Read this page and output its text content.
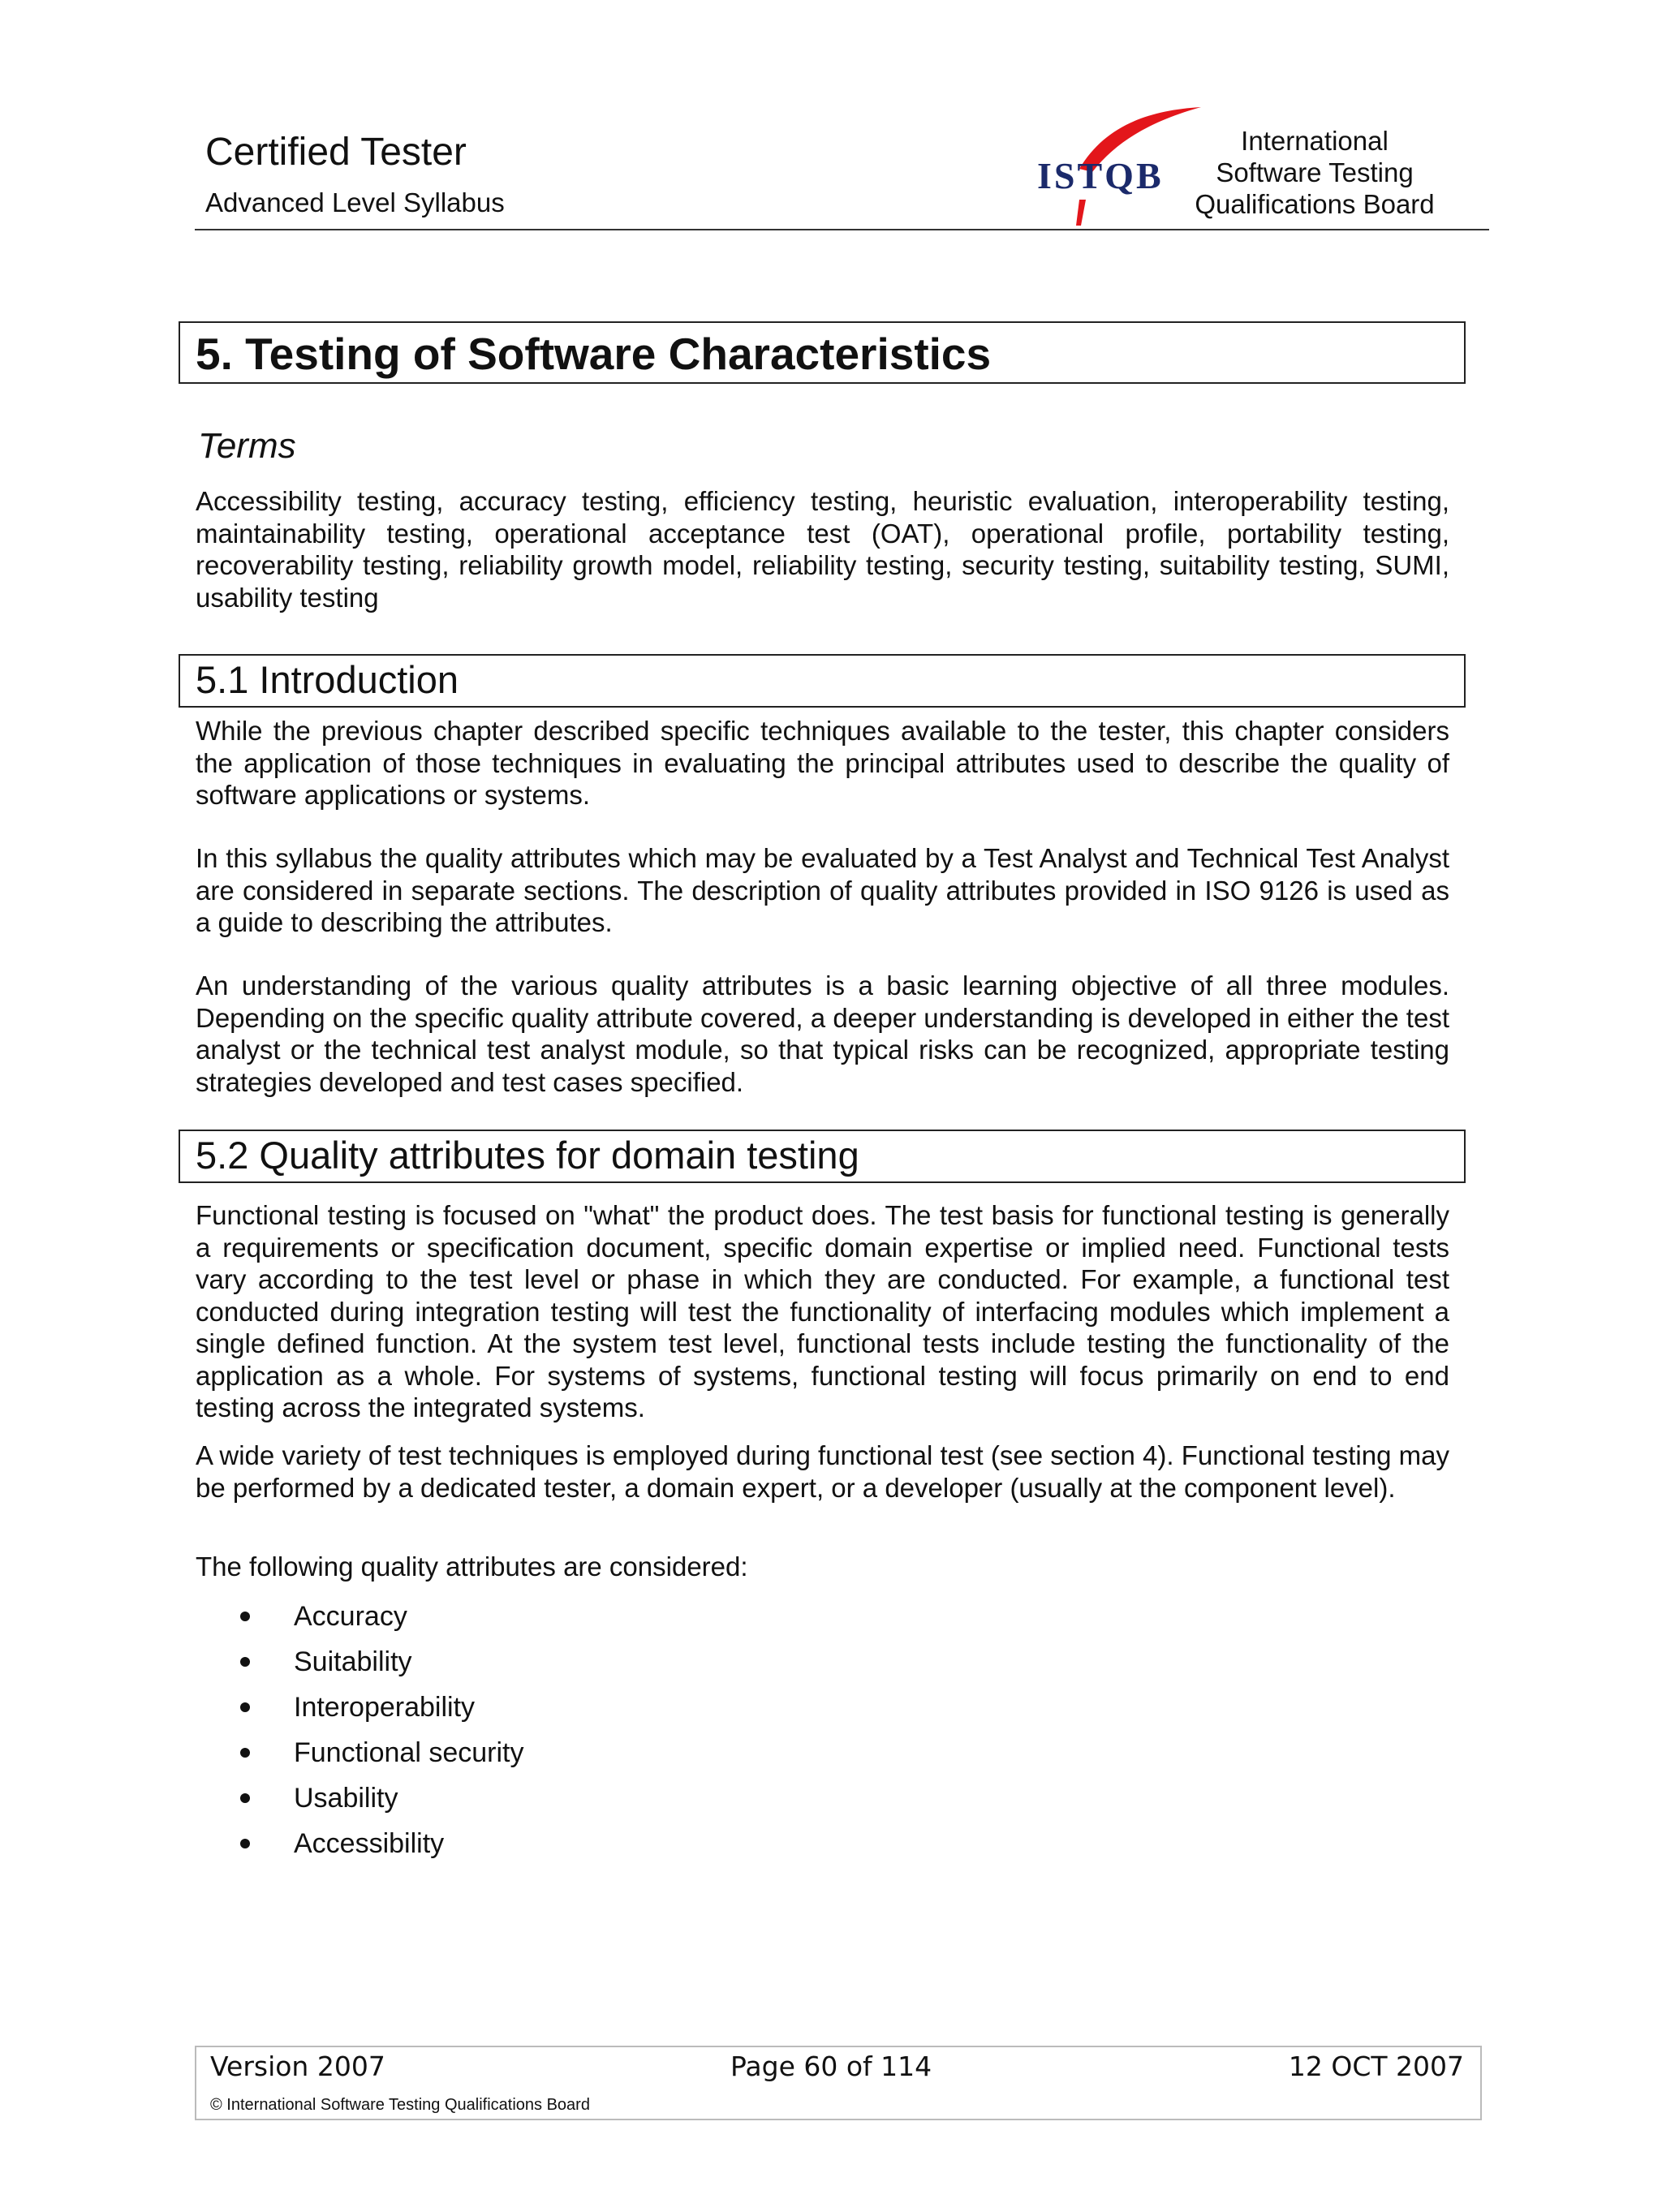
Certified Tester
Advanced Level Syllabus
ISTQB
International
Software Testing
Qualifications Board
5. Testing of Software Characteristics
Terms
Accessibility testing, accuracy testing, efficiency testing, heuristic evaluation, interoperability testing, maintainability testing, operational acceptance test (OAT), operational profile, portability testing, recoverability testing, reliability growth model, reliability testing, security testing, suitability testing, SUMI, usability testing
5.1 Introduction
While the previous chapter described specific techniques available to the tester, this chapter considers the application of those techniques in evaluating the principal attributes used to describe the quality of software applications or systems.
In this syllabus the quality attributes which may be evaluated by a Test Analyst and Technical Test Analyst are considered in separate sections. The description of quality attributes provided in ISO 9126 is used as a guide to describing the attributes.
An understanding of the various quality attributes is a basic learning objective of all three modules. Depending on the specific quality attribute covered, a deeper understanding is developed in either the test analyst or the technical test analyst module, so that typical risks can be recognized, appropriate testing strategies developed and test cases specified.
5.2 Quality attributes for domain testing
Functional testing is focused on "what" the product does. The test basis for functional testing is generally a requirements or specification document, specific domain expertise or implied need. Functional tests vary according to the test level or phase in which they are conducted. For example, a functional test conducted during integration testing will test the functionality of interfacing modules which implement a single defined function. At the system test level, functional tests include testing the functionality of the application as a whole. For systems of systems, functional testing will focus primarily on end to end testing across the integrated systems.
A wide variety of test techniques is employed during functional test (see section 4). Functional testing may be performed by a dedicated tester, a domain expert, or a developer (usually at the component level).
The following quality attributes are considered:
Accuracy
Suitability
Interoperability
Functional security
Usability
Accessibility
Version 2007	Page 60 of 114	12 OCT 2007
© International Software Testing Qualifications Board
